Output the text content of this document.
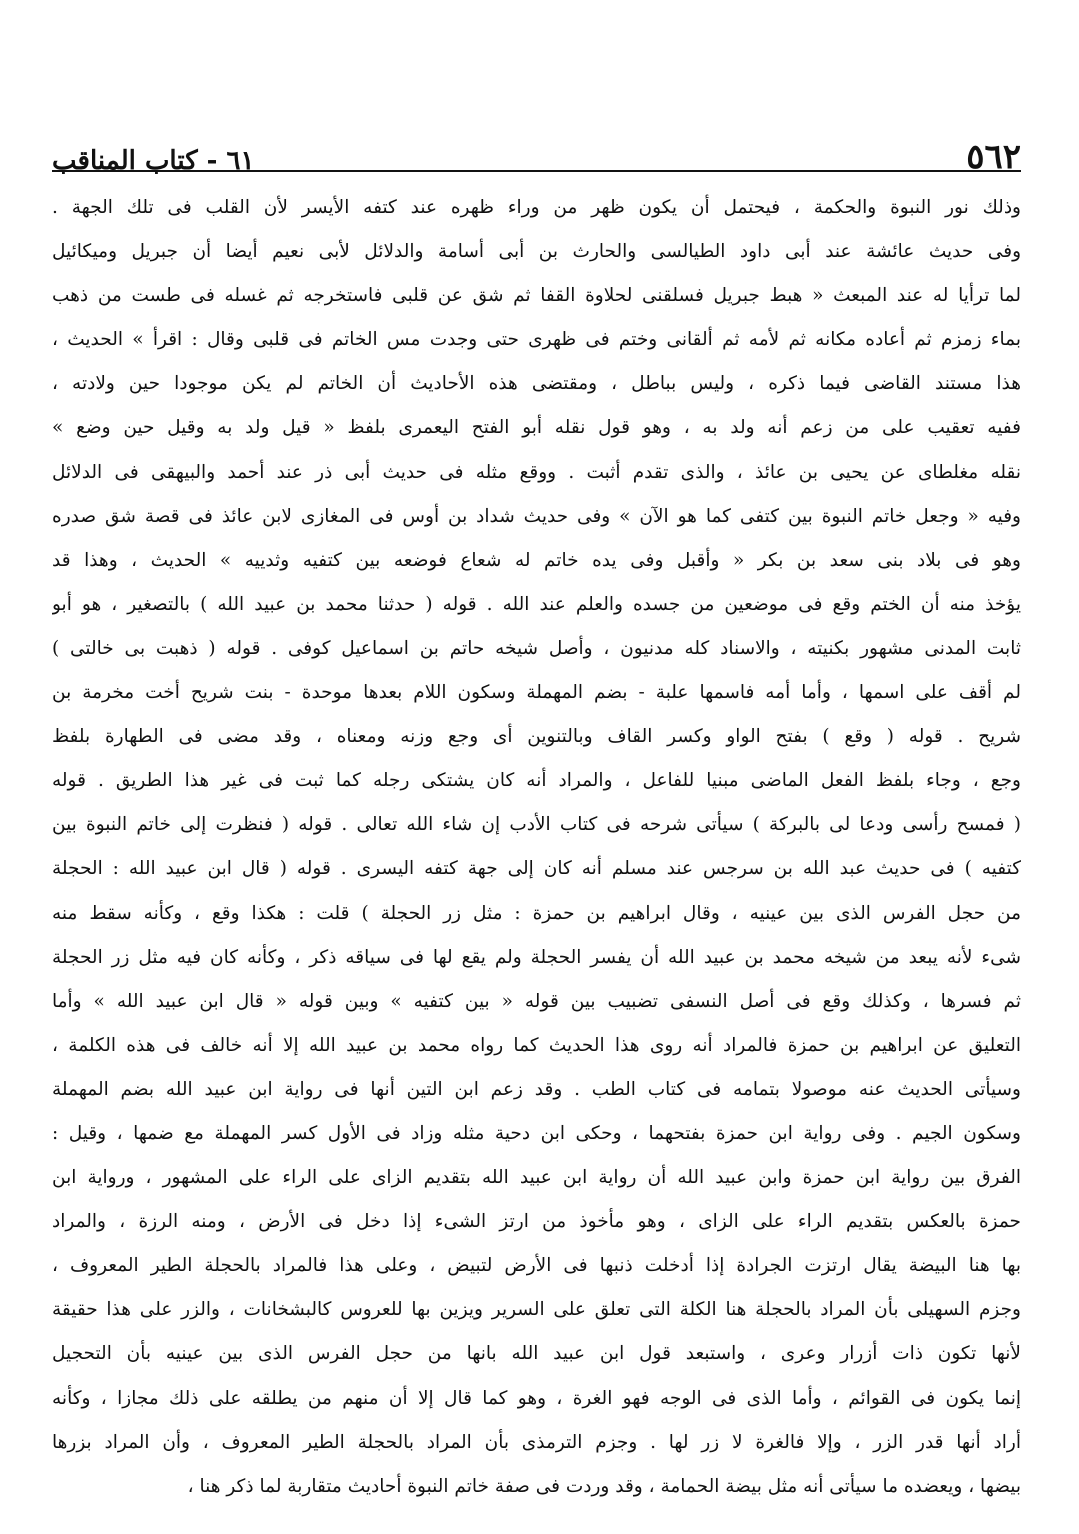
٥٦٢
٦١ - كتاب المناقب
وذلك نور النبوة والحكمة ، فيحتمل أن يكون ظهر من وراء ظهره عند كتفه الأيسر لأن القلب فى تلك الجهة .
وفى حديث عائشة عند أبى داود الطيالسى والحارث بن أبى أسامة والدلائل لأبى نعيم أيضا أن جبريل وميكائيل
لما ترأيا له عند المبعث « هبط جبريل فسلقنى لحلاوة القفا ثم شق عن قلبى فاستخرجه ثم غسله فى طست من ذهب
بماء زمزم ثم أعاده مكانه ثم لأمه ثم ألقانى وختم فى ظهرى حتى وجدت مس الخاتم فى قلبى وقال : اقرأ » الحديث ،
هذا مستند القاضى فيما ذكره ، وليس بباطل ، ومقتضى هذه الأحاديث أن الخاتم لم يكن موجودا حين ولادته ،
ففيه تعقيب على من زعم أنه ولد به ، وهو قول نقله أبو الفتح اليعمرى بلفظ « قيل ولد به وقيل حين وضع »
نقله مغلطاى عن يحيى بن عائذ ، والذى تقدم أثبت . ووقع مثله فى حديث أبى ذر عند أحمد والبيهقى فى الدلائل
وفيه « وجعل خاتم النبوة بين كتفى كما هو الآن » وفى حديث شداد بن أوس فى المغازى لابن عائذ فى قصة شق صدره
وهو فى بلاد بنى سعد بن بكر « وأقبل وفى يده خاتم له شعاع فوضعه بين كتفيه وثدييه » الحديث ، وهذا قد
يؤخذ منه أن الختم وقع فى موضعين من جسده والعلم عند الله . قوله ( حدثنا محمد بن عبيد الله ) بالتصغير ، هو أبو
ثابت المدنى مشهور بكنيته ، والاسناد كله مدنيون ، وأصل شيخه حاتم بن اسماعيل كوفى . قوله ( ذهبت بى خالتى )
لم أقف على اسمها ، وأما أمه فاسمها علبة - بضم المهملة وسكون اللام بعدها موحدة - بنت شريح أخت مخرمة بن
شريح . قوله ( وقع ) بفتح الواو وكسر القاف وبالتنوين أى وجع وزنه ومعناه ، وقد مضى فى الطهارة بلفظ
وجع ، وجاء بلفظ الفعل الماضى مبنيا للفاعل ، والمراد أنه كان يشتكى رجله كما ثبت فى غير هذا الطريق . قوله
( فمسح رأسى ودعا لى بالبركة ) سيأتى شرحه فى كتاب الأدب إن شاء الله تعالى . قوله ( فنظرت إلى خاتم النبوة بين
كتفيه ) فى حديث عبد الله بن سرجس عند مسلم أنه كان إلى جهة كتفه اليسرى . قوله ( قال ابن عبيد الله : الحجلة
من حجل الفرس الذى بين عينيه ، وقال ابراهيم بن حمزة : مثل زر الحجلة ) قلت : هكذا وقع ، وكأنه سقط منه
شىء لأنه يبعد من شيخه محمد بن عبيد الله أن يفسر الحجلة ولم يقع لها فى سياقه ذكر ، وكأنه كان فيه مثل زر الحجلة
ثم فسرها ، وكذلك وقع فى أصل النسفى تضبيب بين قوله « بين كتفيه » وبين قوله « قال ابن عبيد الله » وأما
التعليق عن ابراهيم بن حمزة فالمراد أنه روى هذا الحديث كما رواه محمد بن عبيد الله إلا أنه خالف فى هذه الكلمة ،
وسيأتى الحديث عنه موصولا بتمامه فى كتاب الطب . وقد زعم ابن التين أنها فى رواية ابن عبيد الله بضم المهملة
وسكون الجيم . وفى رواية ابن حمزة بفتحهما ، وحكى ابن دحية مثله وزاد فى الأول كسر المهملة مع ضمها ، وقيل :
الفرق بين رواية ابن حمزة وابن عبيد الله أن رواية ابن عبيد الله بتقديم الزاى على الراء على المشهور ، ورواية ابن
حمزة بالعكس بتقديم الراء على الزاى ، وهو مأخوذ من ارتز الشىء إذا دخل فى الأرض ، ومنه الرزة ، والمراد
بها هنا البيضة يقال ارتزت الجرادة إذا أدخلت ذنبها فى الأرض لتبيض ، وعلى هذا فالمراد بالحجلة الطير المعروف ،
وجزم السهيلى بأن المراد بالحجلة هنا الكلة التى تعلق على السرير ويزين بها للعروس كالبشخانات ، والزر على هذا حقيقة
لأنها تكون ذات أزرار وعرى ، واستبعد قول ابن عبيد الله بانها من حجل الفرس الذى بين عينيه بأن التحجيل
إنما يكون فى القوائم ، وأما الذى فى الوجه فهو الغرة ، وهو كما قال إلا أن منهم من يطلقه على ذلك مجازا ، وكأنه
أراد أنها قدر الزر ، وإلا فالغرة لا زر لها . وجزم الترمذى بأن المراد بالحجلة الطير المعروف ، وأن المراد بزرها
بيضها ، ويعضده ما سيأتى أنه مثل بيضة الحمامة ، وقد وردت فى صفة خاتم النبوة أحاديث متقاربة لما ذكر هنا ،
